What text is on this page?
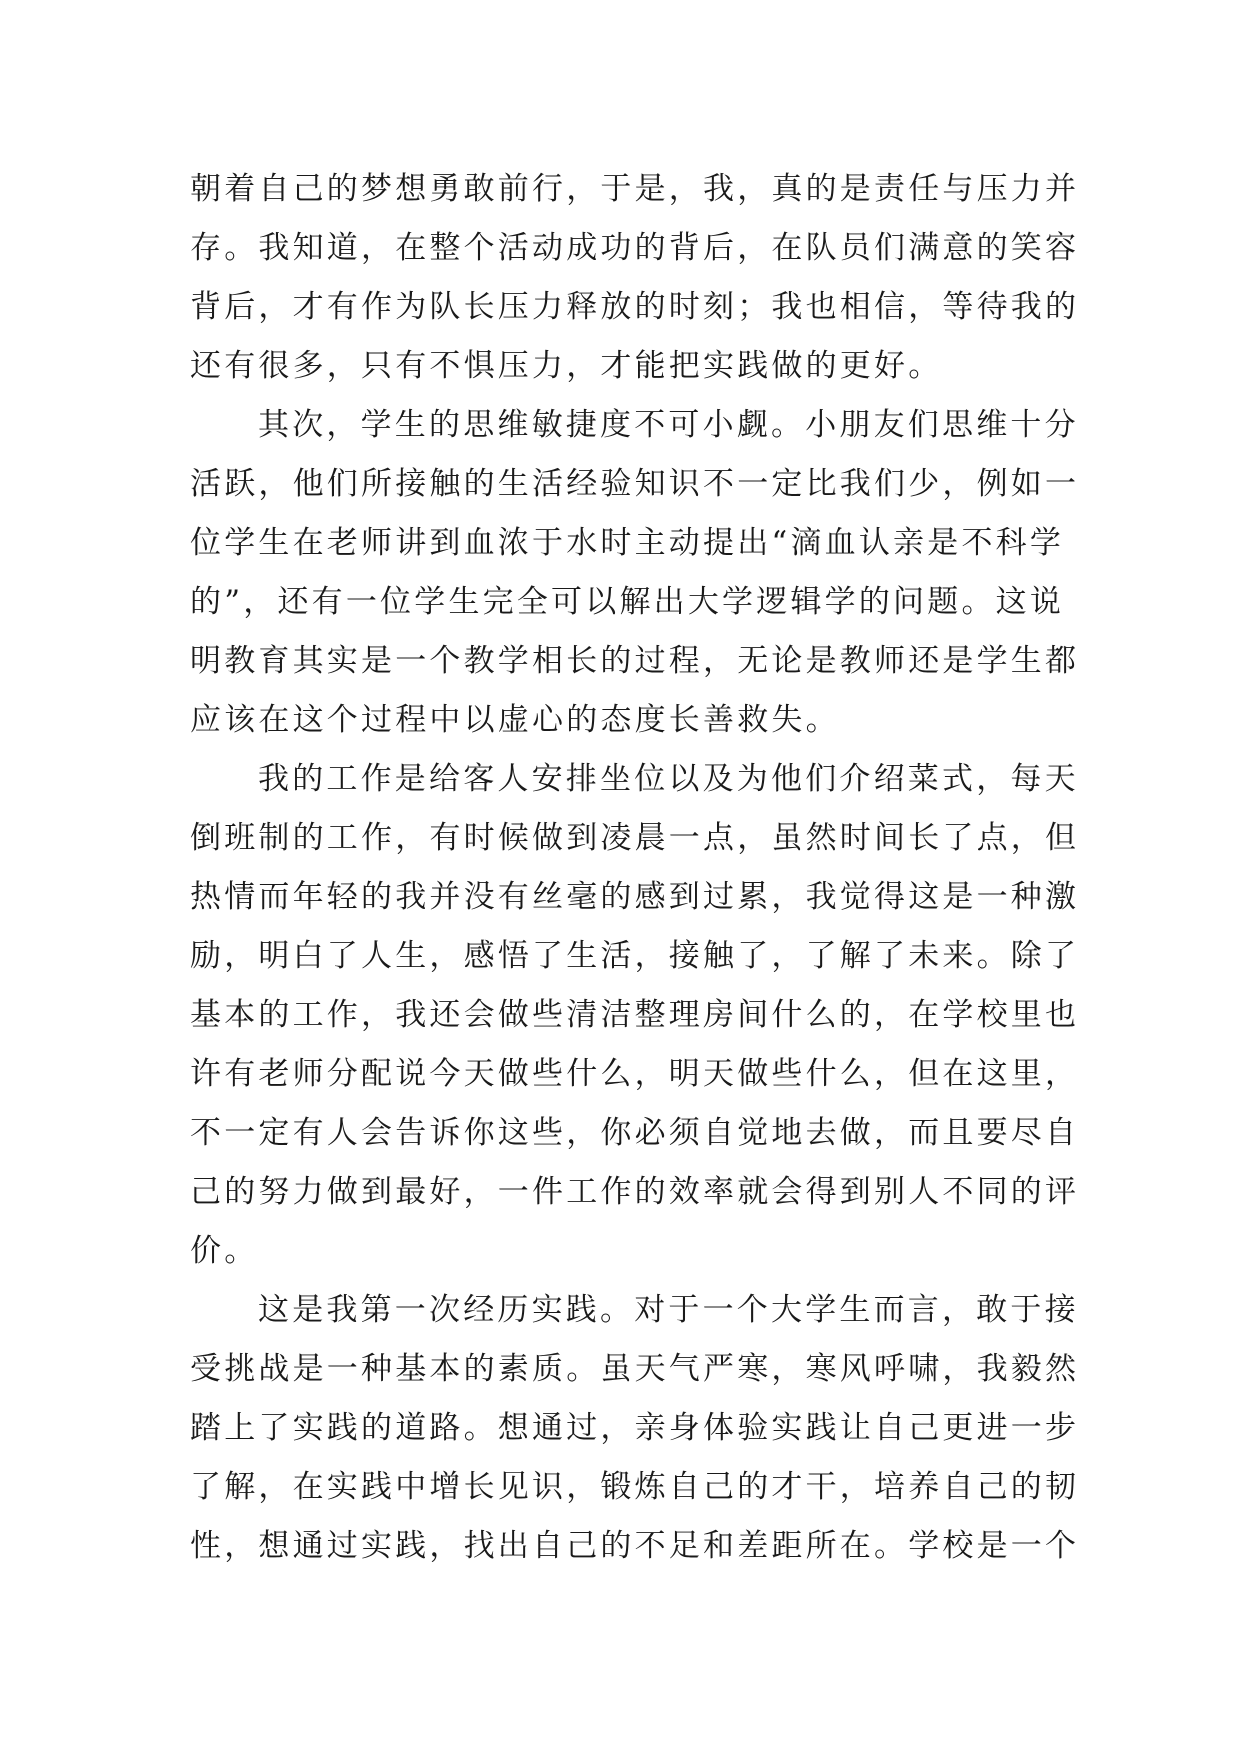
朝着自己的梦想勇敢前行，于是，我，真的是责任与压力并
存。我知道，在整个活动成功的背后，在队员们满意的笑容
背后，才有作为队长压力释放的时刻；我也相信，等待我的
还有很多，只有不惧压力，才能把实践做的更好。
其次，学生的思维敏捷度不可小觑。小朋友们思维十分
活跃，他们所接触的生活经验知识不一定比我们少，例如一
位学生在老师讲到血浓于水时主动提出“滴血认亲是不科学
的”，还有一位学生完全可以解出大学逻辑学的问题。这说
明教育其实是一个教学相长的过程，无论是教师还是学生都
应该在这个过程中以虚心的态度长善救失。
我的工作是给客人安排坐位以及为他们介绍菜式，每天
倒班制的工作，有时候做到凌晨一点，虽然时间长了点，但
热情而年轻的我并没有丝毫的感到过累，我觉得这是一种激
励，明白了人生，感悟了生活，接触了，了解了未来。除了
基本的工作，我还会做些清洁整理房间什么的，在学校里也
许有老师分配说今天做些什么，明天做些什么，但在这里，
不一定有人会告诉你这些，你必须自觉地去做，而且要尽自
己的努力做到最好，一件工作的效率就会得到别人不同的评
价。
这是我第一次经历实践。对于一个大学生而言，敢于接
受挑战是一种基本的素质。虽天气严寒，寒风呼啸，我毅然
踏上了实践的道路。想通过，亲身体验实践让自己更进一步
了解，在实践中增长见识，锻炼自己的才干，培养自己的韧
性，想通过实践，找出自己的不足和差距所在。学校是一个
